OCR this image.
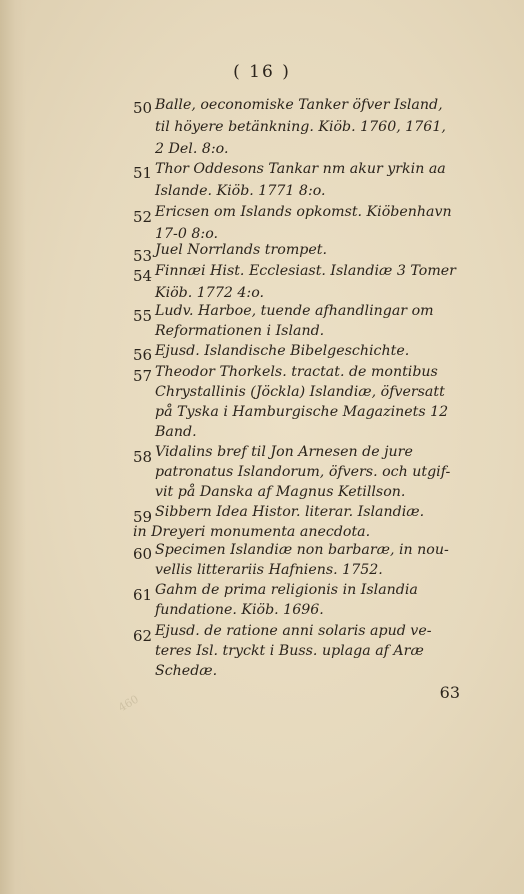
( 16 )
50 Balle, oeconomiske Tanker öfver Island,
til höyere betänkning. Kiöb. 1760, 1761,
2 Del. 8:o.
51 Thor Oddesons Tankar nm akur yrkin aa
Islande. Kiöb. 1771 8:o.
52 Ericsen om Islands opkomst. Kiöbenhavn
17-0 8:o.
53 Juel Norrlands trompet.
54 Finnæi Hist. Ecclesiast. Islandiæ 3 Tomer
Kiöb. 1772 4:o.
55 Ludv. Harboe, tuende afhandlingar om
Reformationen i Island.
56 Ejusd. Islandische Bibelgeschichte.
57 Theodor Thorkels. tractat. de montibus
Chrystallinis (Jöckla) Islandiæ, öfversatt
på Tyska i Hamburgische Magazinets 12
Band.
58 Vidalins bref til Jon Arnesen de jure
patronatus Islandorum, öfvers. och utgif-
vit på Danska af Magnus Ketillson.
59 Sibbern Idea Histor. literar. Islandiæ.
in Dreyeri monumenta anecdota.
60 Specimen Islandiæ non barbaræ, in nou-
vellis litterariis Hafniens. 1752.
61 Gahm de prima religionis in Islandia
fundatione. Kiöb. 1696.
62 Ejusd. de ratione anni solaris apud ve-
teres Isl. tryckt i Buss. uplaga af Aræ
Schedæ.
63
460
